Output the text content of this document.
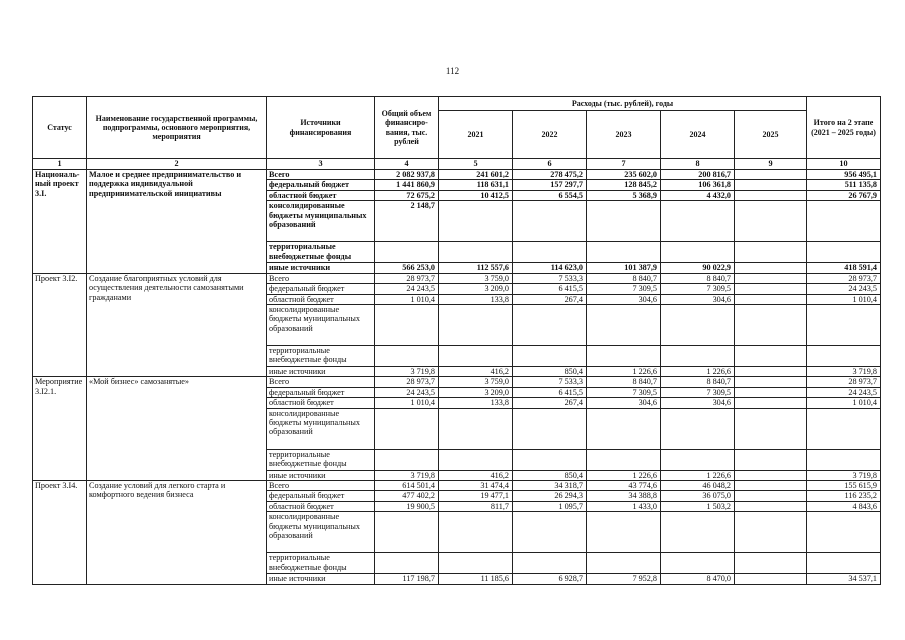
112
Статус	Наименование государственной программы, подпрограммы, основного мероприятия, мероприятия	Источники финансирования	Общий объем финансиро-вания, тыс. рублей	Расходы (тыс. рублей), годы					Итого на 2 этапе (2021 – 2025 годы)
				2021	2022	2023	2024	2025	
1	2	3	4	5	6	7	8	9	10
Националь-ный проект 3.I.	Малое и среднее предпринимательство и поддержка индивидуальной предпринимательской инициативы	Всего	2 082 937,8	241 601,2	278 475,2	235 602,0	200 816,7		956 495,1
		федеральный бюджет	1 441 860,9	118 631,1	157 297,7	128 845,2	106 361,8		511 135,8
		областной бюджет	72 675,2	10 412,5	6 554,5	5 368,9	4 432,0		26 767,9
		консолидированные бюджеты муниципальных образований	2 148,7						
		территориальные внебюджетные фонды							
		иные источники	566 253,0	112 557,6	114 623,0	101 387,9	90 022,9		418 591,4
Проект 3.I2.	Создание благоприятных условий для осуществления деятельности самозанятыми гражданами	Всего	28 973,7	3 759,0	7 533,3	8 840,7	8 840,7		28 973,7
		федеральный бюджет	24 243,5	3 209,0	6 415,5	7 309,5	7 309,5		24 243,5
		областной бюджет	1 010,4	133,8	267,4	304,6	304,6		1 010,4
		консолидированные бюджеты муниципальных образований							
		территориальные внебюджетные фонды							
		иные источники	3 719,8	416,2	850,4	1 226,6	1 226,6		3 719,8
Мероприятие 3.I2.1.	«Мой бизнес» самозанятые»	Всего	28 973,7	3 759,0	7 533,3	8 840,7	8 840,7		28 973,7
		федеральный бюджет	24 243,5	3 209,0	6 415,5	7 309,5	7 309,5		24 243,5
		областной бюджет	1 010,4	133,8	267,4	304,6	304,6		1 010,4
		консолидированные бюджеты муниципальных образований							
		территориальные внебюджетные фонды							
		иные источники	3 719,8	416,2	850,4	1 226,6	1 226,6		3 719,8
Проект 3.I4.	Создание условий для легкого старта и комфортного ведения бизнеса	Всего	614 501,4	31 474,4	34 318,7	43 774,6	46 048,2		155 615,9
		федеральный бюджет	477 402,2	19 477,1	26 294,3	34 388,8	36 075,0		116 235,2
		областной бюджет	19 900,5	811,7	1 095,7	1 433,0	1 503,2		4 843,6
		консолидированные бюджеты муниципальных образований							
		территориальные внебюджетные фонды							
		иные источники	117 198,7	11 185,6	6 928,7	7 952,8	8 470,0		34 537,1
